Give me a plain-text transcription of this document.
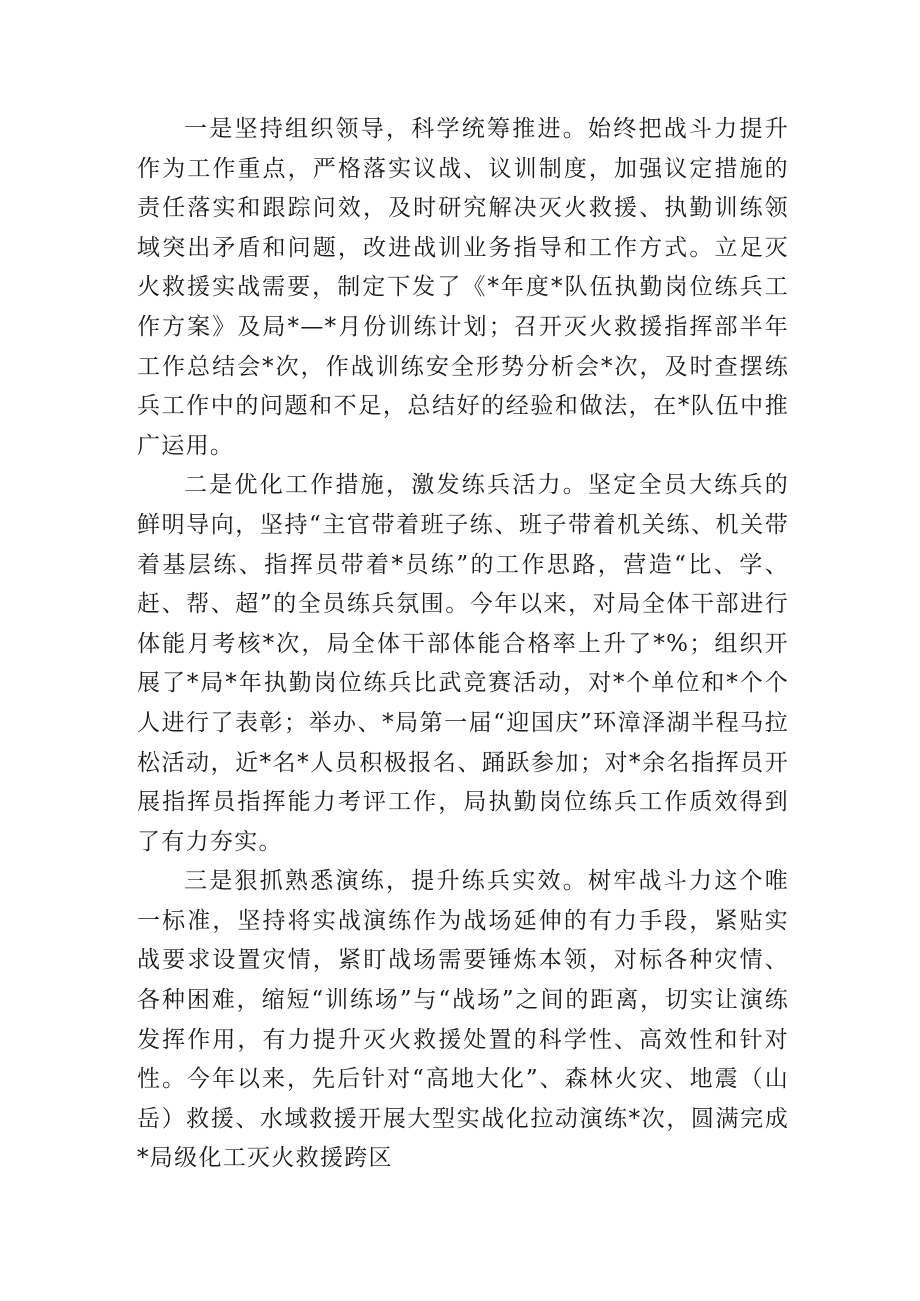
一是坚持组织领导，科学统筹推进。始终把战斗力提升作为工作重点，严格落实议战、议训制度，加强议定措施的责任落实和跟踪问效，及时研究解决灭火救援、执勤训练领域突出矛盾和问题，改进战训业务指导和工作方式。立足灭火救援实战需要，制定下发了《*年度*队伍执勤岗位练兵工作方案》及局*—*月份训练计划；召开灭火救援指挥部半年工作总结会*次，作战训练安全形势分析会*次，及时查摆练兵工作中的问题和不足，总结好的经验和做法，在*队伍中推广运用。

二是优化工作措施，激发练兵活力。坚定全员大练兵的鲜明导向，坚持“主官带着班子练、班子带着机关练、机关带着基层练、指挥员带着*员练”的工作思路，营造“比、学、赶、帮、超”的全员练兵氛围。今年以来，对局全体干部进行体能月考核*次，局全体干部体能合格率上升了*%；组织开展了*局*年执勤岗位练兵比武竞赛活动，对*个单位和*个个人进行了表彰；举办、*局第一届“迎国庆”环漳泽湖半程马拉松活动，近*名*人员积极报名、踊跃参加；对*余名指挥员开展指挥员指挥能力考评工作，局执勤岗位练兵工作质效得到了有力夯实。

三是狠抓熟悉演练，提升练兵实效。树牢战斗力这个唯一标准，坚持将实战演练作为战场延伸的有力手段，紧贴实战要求设置灾情，紧盯战场需要锤炼本领，对标各种灾情、各种困难，缩短“训练场”与“战场”之间的距离，切实让演练发挥作用，有力提升灭火救援处置的科学性、高效性和针对性。今年以来，先后针对“高地大化”、森林火灾、地震（山岳）救援、水域救援开展大型实战化拉动演练*次，圆满完成*局级化工灭火救援跨区
